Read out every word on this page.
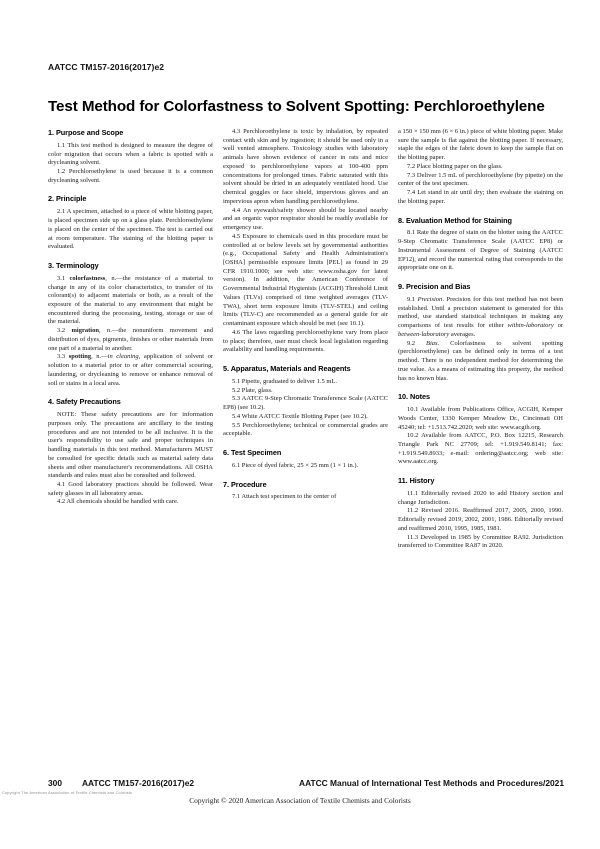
AATCC TM157-2016(2017)e2
Test Method for Colorfastness to Solvent Spotting: Perchloroethylene
1. Purpose and Scope

1.1 This test method is designed to measure the degree of color migration that occurs when a fabric is spotted with a drycleaning solvent.

1.2 Perchloroethylene is used because it is a common drycleaning solvent.

2. Principle

2.1 A specimen, attached to a piece of white blotting paper, is placed specimen side up on a glass plate. Perchloroethylene is placed on the center of the specimen. The test is carried out at room temperature. The staining of the blotting paper is evaluated.

3. Terminology

3.1 colorfastness, n.—the resistance of a material to change in any of its color characteristics, to transfer of its colorant(s) to adjacent materials or both, as a result of the exposure of the material to any environment that might be encountered during the processing, testing, storage or use of the material.

3.2 migration, n.—the nonuniform movement and distribution of dyes, pigments, finishes or other materials from one part of a material to another.

3.3 spotting, n.—in cleaning, application of solvent or solution to a material prior to or after commercial scouring, laundering, or drycleaning to remove or enhance removal of soil or stains in a local area.

4. Safety Precautions

NOTE: These safety precautions are for information purposes only. The precautions are ancillary to the testing procedures and are not intended to be all inclusive. It is the user's responsibility to use safe and proper techniques in handling materials in this test method. Manufacturers MUST be consulted for specific details such as material safety data sheets and other manufacturer's recommendations. All OSHA standards and rules must also be consulted and followed.

4.1 Good laboratory practices should be followed. Wear safety glasses in all laboratory areas.

4.2 All chemicals should be handled with care.

4.3 Perchloroethylene is toxic by inhalation, by repeated contact with skin and by ingestion; it should be used only in a well vented atmosphere. Toxicology studies with laboratory animals have shown evidence of cancer in rats and mice exposed to perchloroethylene vapors at 100-400 ppm concentrations for prolonged times. Fabric saturated with this solvent should be dried in an adequately ventilated hood. Use chemical goggles or face shield, impervious gloves and an impervious apron when handling perchloroethylene.

4.4 An eyewash/safety shower should be located nearby and an organic vapor respirator should be readily available for emergency use.

4.5 Exposure to chemicals used in this procedure must be controlled at or below levels set by governmental authorities (e.g., Occupational Safety and Health Administration's [OSHA] permissible exposure limits [PEL] as found in 29 CFR 1910.1000; see web site: www.osha.gov for latest version). In addition, the American Conference of Governmental Industrial Hygienists (ACGIH) Threshold Limit Values (TLVs) comprised of time weighted averages (TLV-TWA), short term exposure limits (TLV-STEL) and ceiling limits (TLV-C) are recommended as a general guide for air contaminant exposure which should be met (see 10.1).

4.6 The laws regarding perchloroethylene vary from place to place; therefore, user must check local legislation regarding availability and handling requirements.

5. Apparatus, Materials and Reagents

5.1 Pipette, graduated to deliver 1.5 mL.

5.2 Plate, glass.

5.3 AATCC 9-Step Chromatic Transference Scale (AATCC EP8) (see 10.2).

5.4 White AATCC Textile Blotting Paper (see 10.2).

5.5 Perchloroethylene; technical or commercial grades are acceptable.

6. Test Specimen

6.1 Piece of dyed fabric, 25 × 25 mm (1 × 1 in.).

7. Procedure

7.1 Attach test specimen to the center of

a 150 × 150 mm (6 × 6 in.) piece of white blotting paper. Make sure the sample is flat against the blotting paper. If necessary, staple the edges of the fabric down to keep the sample flat on the blotting paper.

7.2 Place blotting paper on the glass.

7.3 Deliver 1.5 mL of perchloroethylene (by pipette) on the center of the test specimen.

7.4 Let stand in air until dry; then evaluate the staining on the blotting paper.

8. Evaluation Method for Staining

8.1 Rate the degree of stain on the blotter using the AATCC 9-Step Chromatic Transference Scale (AATCC EP8) or Instrumental Assessment of Degree of Staining (AATCC EP12), and record the numerical rating that corresponds to the appropriate one on it.

9. Precision and Bias

9.1 Precision. Precision for this test method has not been established. Until a precision statement is generated for this method, use standard statistical techniques in making any comparisons of test results for either within-laboratory or between-laboratory averages.

9.2 Bias. Colorfastness to solvent spotting (perchloroethylene) can be defined only in terms of a test method. There is no independent method for determining the true value. As a means of estimating this property, the method has no known bias.

10. Notes

10.1 Available from Publications Office, ACGIH, Kemper Woods Center, 1330 Kemper Meadow Dr., Cincinnati OH 45240; tel: +1.513.742.2020; web site: www.acgih.org.

10.2 Available from AATCC, P.O. Box 12215, Research Triangle Park NC 27709; tel: +1.919.549.8141; fax: +1.919.549.8933; e-mail: ordering@aatcc.org; web site: www.aatcc.org.

11. History

11.1 Editorially revised 2020 to add History section and change Jurisdiction.

11.2 Revised 2016. Reaffirmed 2017, 2005, 2000, 1990. Editorially revised 2019, 2002, 2001, 1986. Editorially revised and reaffirmed 2010, 1995, 1985, 1981.

11.3 Developed in 1985 by Committee RA92. Jurisdiction transferred to Committee RA87 in 2020.

300 AATCC TM157-2016(2017)e2	AATCC Manual of International Test Methods and Procedures/2021
Copyright The American Association of Textile Chemists and Colorists
Copyright © 2020 American Association of Textile Chemists and Colorists
